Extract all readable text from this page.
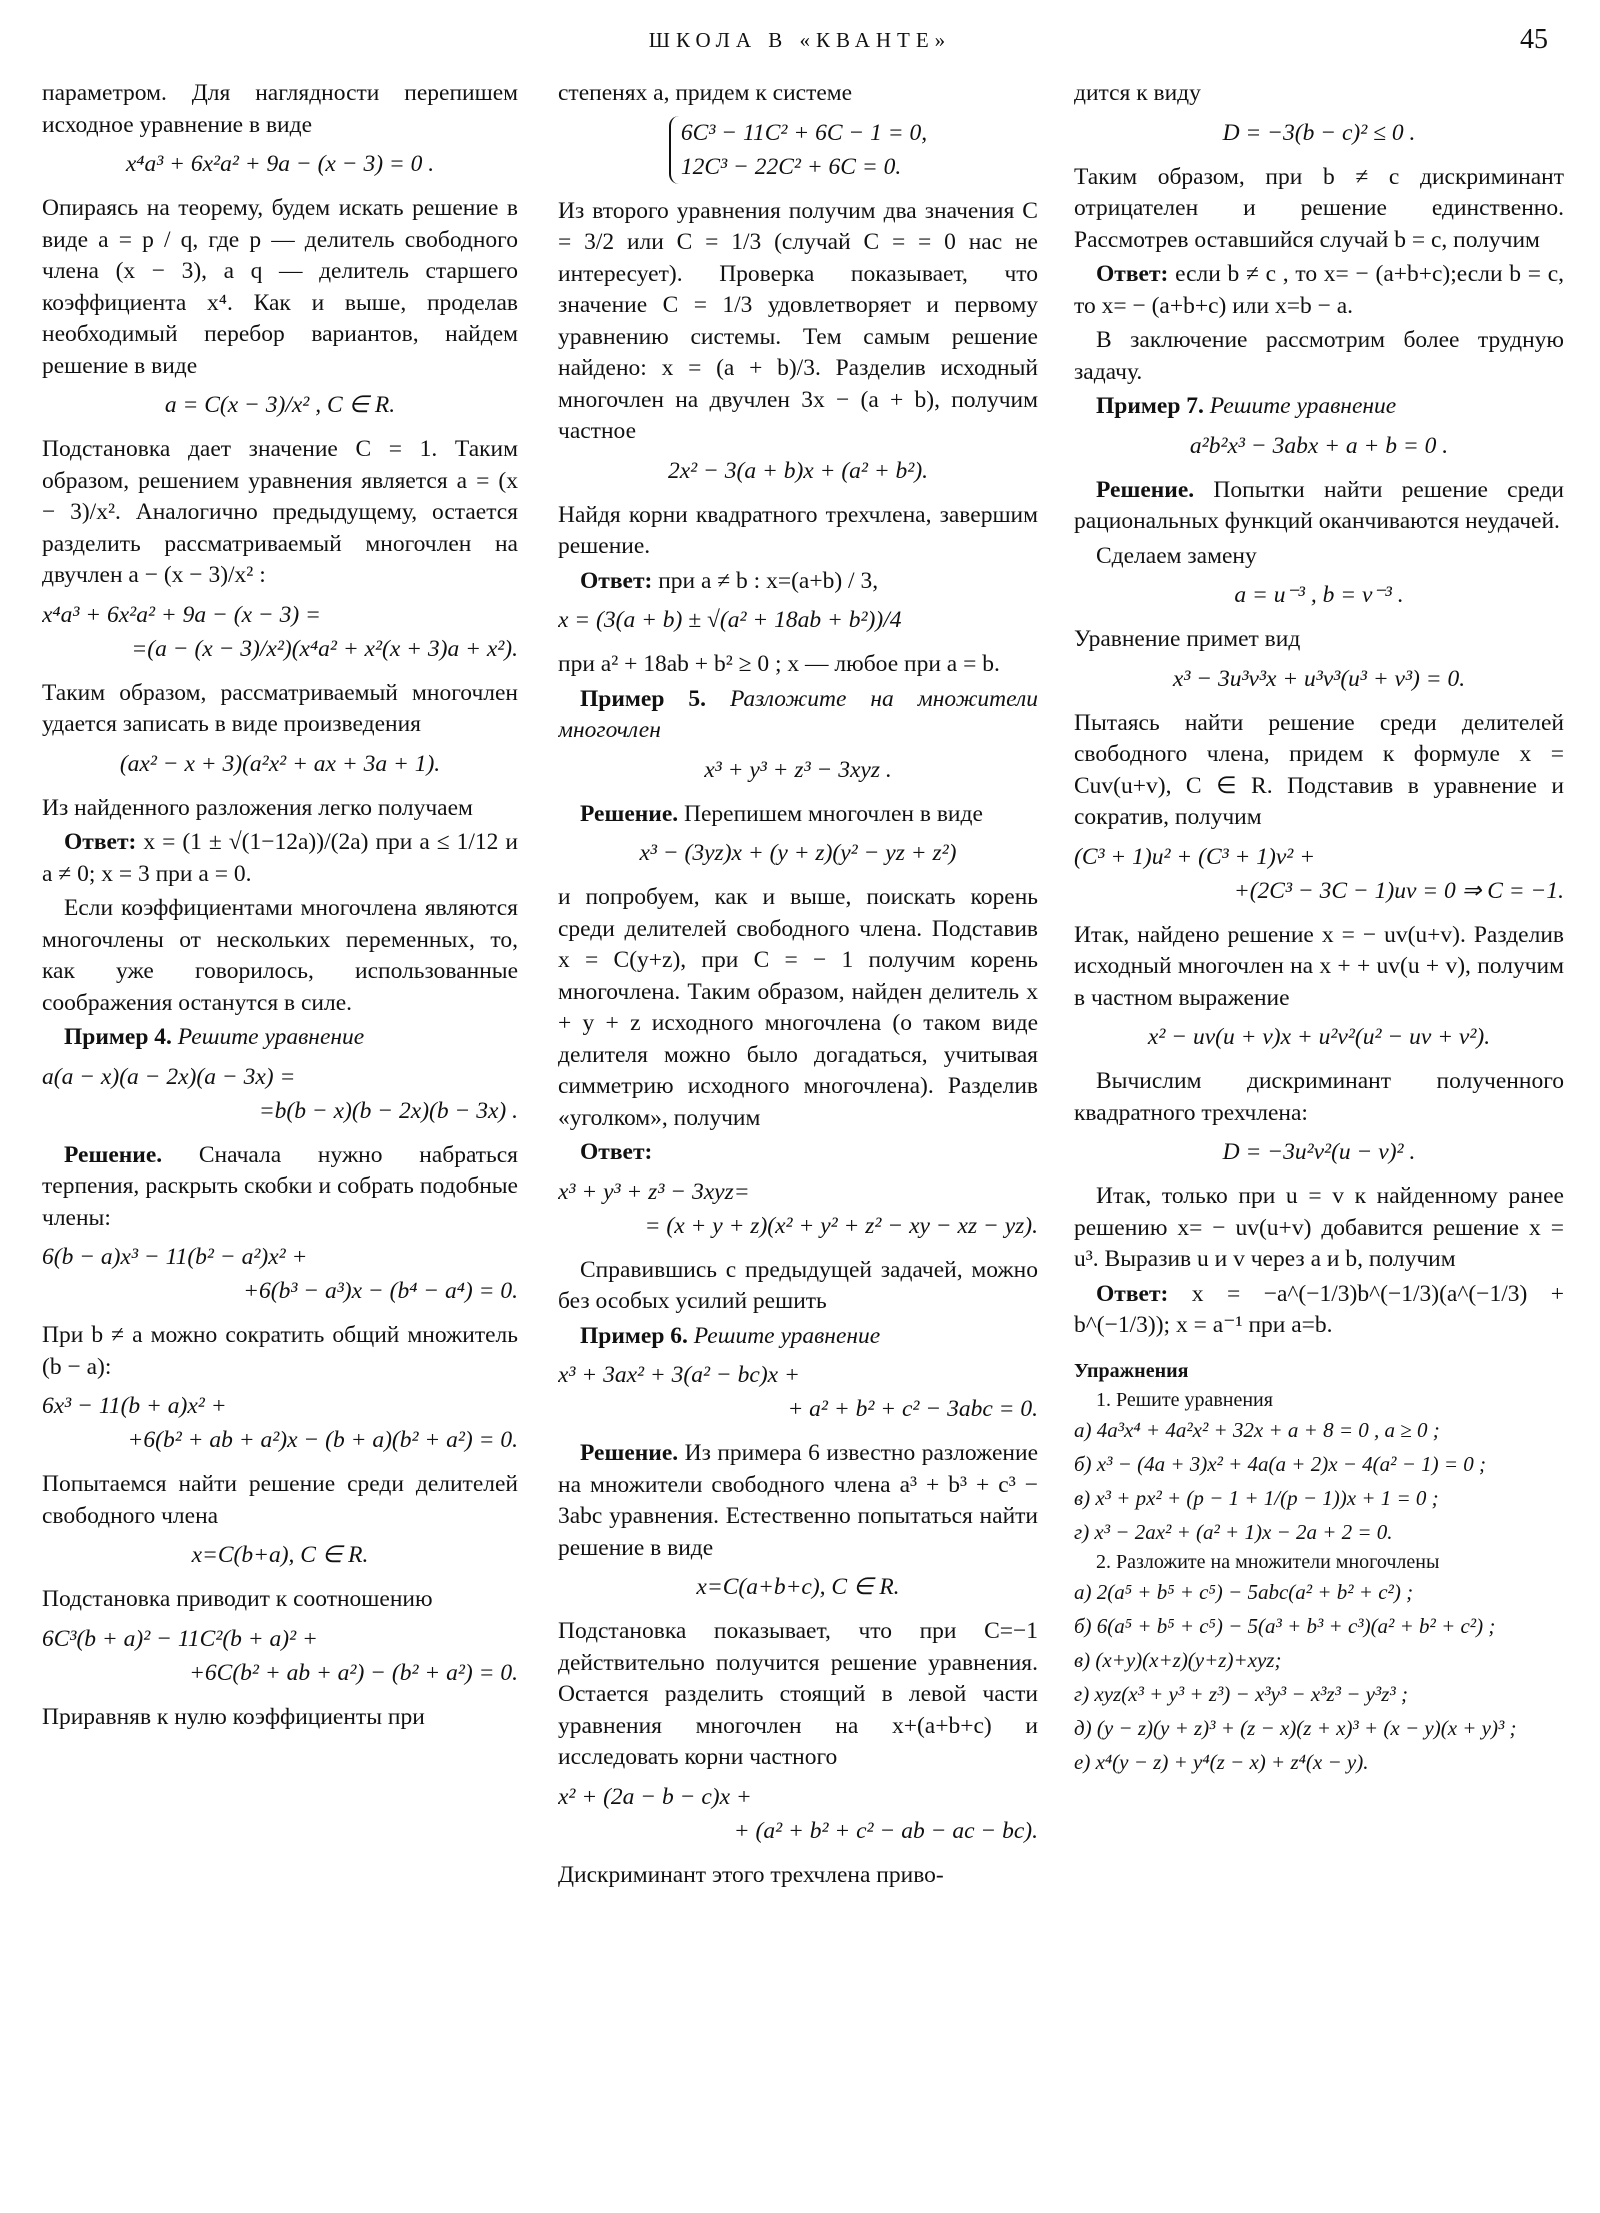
ШКОЛА В «КВАНТЕ»	45

параметром. Для наглядности перепишем исходное уравнение в виде

x⁴a³ + 6x²a² + 9a − (x − 3) = 0 .

Опираясь на теорему, будем искать решение в виде a = p / q, где p — делитель свободного члена (x − 3), а q — делитель старшего коэффициента x⁴. Как и выше, проделав необходимый перебор вариантов, найдем решение в виде

a = C(x − 3)/x² , C ∈ R.

Подстановка дает значение C = 1. Таким образом, решением уравнения является a = (x − 3)/x². Аналогично предыдущему, остается разделить рассматриваемый многочлен на двучлен a − (x − 3)/x² :

x⁴a³ + 6x²a² + 9a − (x − 3) =
=(a − (x − 3)/x²)(x⁴a² + x²(x + 3)a + x²).

Таким образом, рассматриваемый многочлен удается записать в виде произведения

(ax² − x + 3)(a²x² + ax + 3a + 1).

Из найденного разложения легко получаем

Ответ: x = (1 ± √(1−12a))/(2a) при a ≤ 1/12 и a ≠ 0; x = 3 при a = 0.

Если коэффициентами многочлена являются многочлены от нескольких переменных, то, как уже говорилось, использованные соображения останутся в силе.

Пример 4. Решите уравнение

a(a − x)(a − 2x)(a − 3x) =
=b(b − x)(b − 2x)(b − 3x) .

Решение. Сначала нужно набраться терпения, раскрыть скобки и собрать подобные члены:

6(b − a)x³ − 11(b² − a²)x² +
+6(b³ − a³)x − (b⁴ − a⁴) = 0.

При b ≠ a можно сократить общий множитель (b − a):

6x³ − 11(b + a)x² +
+6(b² + ab + a²)x − (b + a)(b² + a²) = 0.

Попытаемся найти решение среди делителей свободного члена

x=C(b+a), C ∈ R.

Подстановка приводит к соотношению

6C³(b + a)² − 11C²(b + a)² +
+6C(b² + ab + a²) − (b² + a²) = 0.

Приравняв к нулю коэффициенты при

степенях a, придем к системе

6C³ − 11C² + 6C − 1 = 0,
12C³ − 22C² + 6C = 0.

Из второго уравнения получим два значения C = 3/2 или C = 1/3 (случай C = = 0 нас не интересует). Проверка показывает, что значение C = 1/3 удовлетворяет и первому уравнению системы. Тем самым решение найдено: x = (a + b)/3. Разделив исходный многочлен на двучлен 3x − (a + b), получим частное

2x² − 3(a + b)x + (a² + b²).

Найдя корни квадратного трехчлена, завершим решение.

Ответ: при a ≠ b : x=(a+b) / 3,

x = (3(a + b) ± √(a² + 18ab + b²))/4

при a² + 18ab + b² ≥ 0 ; x — любое при a = b.

Пример 5. Разложите на множители многочлен

x³ + y³ + z³ − 3xyz .

Решение. Перепишем многочлен в виде

x³ − (3yz)x + (y + z)(y² − yz + z²)

и попробуем, как и выше, поискать корень среди делителей свободного члена. Подставив x = C(y+z), при C = − 1 получим корень многочлена. Таким образом, найден делитель x + y + z исходного многочлена (о таком виде делителя можно было догадаться, учитывая симметрию исходного многочлена). Разделив «уголком», получим

Ответ:

x³ + y³ + z³ − 3xyz=
= (x + y + z)(x² + y² + z² − xy − xz − yz).

Справившись с предыдущей задачей, можно без особых усилий решить

Пример 6. Решите уравнение

x³ + 3ax² + 3(a² − bc)x +
+ a² + b² + c² − 3abc = 0.

Решение. Из примера 6 известно разложение на множители свободного члена a³ + b³ + c³ − 3abc уравнения. Естественно попытаться найти решение в виде

x=C(a+b+c), C ∈ R.

Подстановка показывает, что при C=−1 действительно получится решение уравнения. Остается разделить стоящий в левой части уравнения многочлен на x+(a+b+c) и исследовать корни частного

x² + (2a − b − c)x +
+ (a² + b² + c² − ab − ac − bc).

Дискриминант этого трехчлена приво-

дится к виду

D = −3(b − c)² ≤ 0 .

Таким образом, при b ≠ c дискриминант отрицателен и решение единственно. Рассмотрев оставшийся случай b = c, получим

Ответ: если b ≠ c , то x= − (a+b+c);если b = c, то x= − (a+b+c) или x=b − a.

В заключение рассмотрим более трудную задачу.

Пример 7. Решите уравнение

a²b²x³ − 3abx + a + b = 0 .

Решение. Попытки найти решение среди рациональных функций оканчиваются неудачей.

Сделаем замену

a = u⁻³ , b = v⁻³ .

Уравнение примет вид

x³ − 3u³v³x + u³v³(u³ + v³) = 0.

Пытаясь найти решение среди делителей свободного члена, придем к формуле x = Cuv(u+v), C ∈ R. Подставив в уравнение и сократив, получим

(C³ + 1)u² + (C³ + 1)v² +
+(2C³ − 3C − 1)uv = 0 ⇒ C = −1.

Итак, найдено решение x = − uv(u+v). Разделив исходный многочлен на x + + uv(u + v), получим в частном выражение

x² − uv(u + v)x + u²v²(u² − uv + v²).

Вычислим дискриминант полученного квадратного трехчлена:

D = −3u²v²(u − v)² .

Итак, только при u = v к найденному ранее решению x= − uv(u+v) добавится решение x = u³. Выразив u и v через a и b, получим

Ответ: x = −a^(−1/3)b^(−1/3)(a^(−1/3) + b^(−1/3)); x = a⁻¹ при a=b.

Упражнения
1. Решите уравнения
а) 4a³x⁴ + 4a²x² + 32x + a + 8 = 0 , a ≥ 0 ;
б) x³ − (4a + 3)x² + 4a(a + 2)x − 4(a² − 1) = 0 ;
в) x³ + px² + (p − 1 + 1/(p − 1))x + 1 = 0 ;
г) x³ − 2ax² + (a² + 1)x − 2a + 2 = 0.
2. Разложите на множители многочлены
а) 2(a⁵ + b⁵ + c⁵) − 5abc(a² + b² + c²) ;
б) 6(a⁵ + b⁵ + c⁵) − 5(a³ + b³ + c³)(a² + b² + c²) ;
в) (x+y)(x+z)(y+z)+xyz;
г) xyz(x³ + y³ + z³) − x³y³ − x³z³ − y³z³ ;
д) (y − z)(y + z)³ + (z − x)(z + x)³ + (x − y)(x + y)³ ;
е) x⁴(y − z) + y⁴(z − x) + z⁴(x − y).
